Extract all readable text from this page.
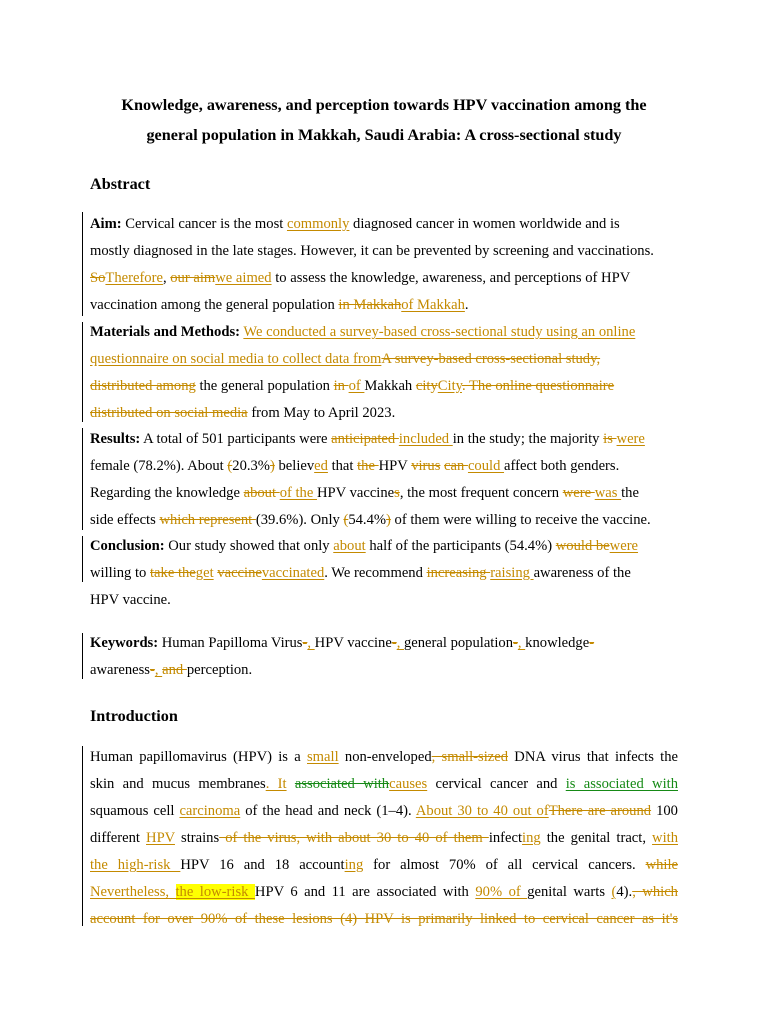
Knowledge, awareness, and perception towards HPV vaccination among the
general population in Makkah, Saudi Arabia: A cross-sectional study
Abstract
Aim: Cervical cancer is the most commonly diagnosed cancer in women worldwide and is
mostly diagnosed in the late stages. However, it can be prevented by screening and vaccinations.
SoTherefore, our aimwe aimed to assess the knowledge, awareness, and perceptions of HPV
vaccination among the general population in Makkahof Makkah.
Materials and Methods: We conducted a survey-based cross-sectional study using an online
questionnaire on social media to collect data fromA survey-based cross-sectional study,
distributed among the general population in of Makkah cityCity. The online questionnaire
distributed on social media from May to April 2023.
Results: A total of 501 participants were anticipated included in the study; the majority is were
female (78.2%). About (20.3%) believed that the HPV virus can could affect both genders.
Regarding the knowledge about of the HPV vaccines, the most frequent concern were was the
side effects which represent (39.6%). Only (54.4%) of them were willing to receive the vaccine.
Conclusion: Our study showed that only about half of the participants (54.4%) would bewere
willing to take theget vaccinevaccinated. We recommend increasing raising awareness of the
HPV vaccine.
Keywords: Human Papilloma Virus-, HPV vaccine-, general population-, knowledge-
awareness-, and perception.
Introduction
Human papillomavirus (HPV) is a small non-enveloped, small-sized DNA virus that infects the
skin and mucus membranes. It associated withcauses cervical cancer and is associated with
squamous cell carcinoma of the head and neck (1–4). About 30 to 40 out ofThere are around 100
different HPV strains of the virus, with about 30 to 40 of them infecting the genital tract, with
the high-risk HPV 16 and 18 accounting for almost 70% of all cervical cancers. while
Nevertheless, the low-risk HPV 6 and 11 are associated with 90% of genital warts (4)., which
account for over 90% of these lesions (4) HPV is primarily linked to cervical cancer as it's
